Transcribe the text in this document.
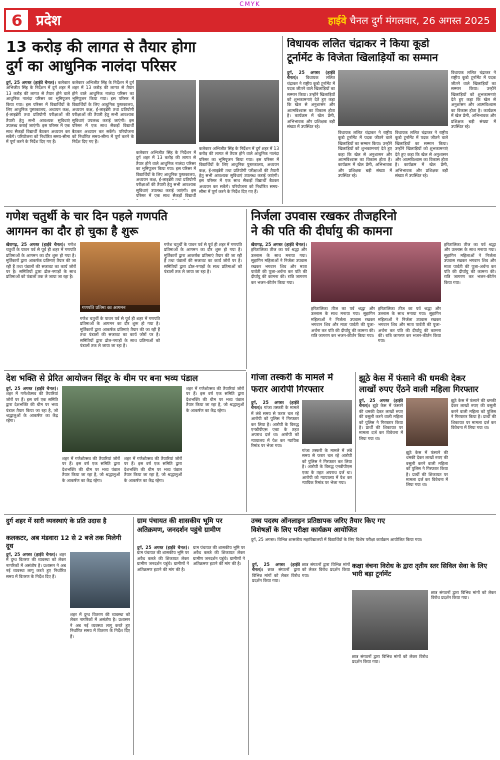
CMYK
6 प्रदेश	हाईवे चैनल दुर्ग मंगलवार, 26 अगस्त 2025
13 करोड़ की लागत से तैयार होगा
दुर्ग का आधुनिक नालंदा परिसर
दुर्ग, 25 अगस्त (हाईवे चैनल)। कलेक्टर अभिजीत सिंह के निर्देशन में दुर्ग शहर में 13 करोड़ की लागत से तैयार होने वाले आधुनिक नालंदा परिसर का भूमिपूजन किया गया। इस परिसर में विद्यार्थियों के लिए आधुनिक पुस्तकालय, अध्ययन कक्ष, ई-लाइब्रेरी तथा प्रतियोगी परीक्षाओं की तैयारी हेतु सभी आवश्यक सुविधाएं उपलब्ध कराई जाएंगी। इस परिसर में एक साथ सैकड़ों विद्यार्थी बैठकर अध्ययन कर सकेंगे। परियोजना को निर्धारित समय-सीमा में पूर्ण करने के निर्देश दिए गए हैं।
कलेक्टर अभिजीत सिंह के निर्देशन में दुर्ग शहर में 13 करोड़ की लागत से तैयार होने वाले आधुनिक नालंदा परिसर का भूमिपूजन किया गया। इस परिसर में विद्यार्थियों के लिए आधुनिक पुस्तकालय, अध्ययन कक्ष, ई-लाइब्रेरी तथा प्रतियोगी परीक्षाओं की तैयारी हेतु सभी आवश्यक सुविधाएं उपलब्ध कराई जाएंगी। इस परिसर में एक साथ सैकड़ों विद्यार्थी बैठकर अध्ययन कर सकेंगे। परियोजना को निर्धारित समय-सीमा में पूर्ण करने के निर्देश दिए गए हैं।
कलेक्टर अभिजीत सिंह के निर्देशन में दुर्ग शहर में 13 करोड़ की लागत से तैयार होने वाले आधुनिक नालंदा परिसर का भूमिपूजन किया गया। इस परिसर में विद्यार्थियों के लिए आधुनिक पुस्तकालय, अध्ययन कक्ष, ई-लाइब्रेरी तथा प्रतियोगी परीक्षाओं की तैयारी हेतु सभी आवश्यक सुविधाएं उपलब्ध कराई जाएंगी। इस परिसर में एक साथ सैकड़ों विद्यार्थी
कलेक्टर अभिजीत सिंह के निर्देशन में दुर्ग शहर में 13 करोड़ की लागत से तैयार होने वाले आधुनिक नालंदा परिसर का भूमिपूजन किया गया। इस परिसर में विद्यार्थियों के लिए आधुनिक पुस्तकालय, अध्ययन कक्ष, ई-लाइब्रेरी तथा प्रतियोगी परीक्षाओं की तैयारी हेतु सभी आवश्यक सुविधाएं उपलब्ध कराई जाएंगी। इस परिसर में एक साथ सैकड़ों विद्यार्थी बैठकर अध्ययन कर सकेंगे। परियोजना को निर्धारित समय-सीमा में पूर्ण करने के निर्देश दिए गए हैं।
विधायक ललित चंद्राकर ने किया कूडो
टूर्नामेंट के विजेता खिलाड़ियों का सम्मान
दुर्ग, 25 अगस्त (हाईवे चैनल)। विधायक ललित चंद्राकर ने राष्ट्रीय कूडो टूर्नामेंट में पदक जीतने वाले खिलाड़ियों का सम्मान किया। उन्होंने खिलाड़ियों को शुभकामनाएं देते हुए कहा कि खेल से अनुशासन और आत्मविश्वास का विकास होता है। कार्यक्रम में खेल प्रेमी, अभिभावक और प्रशिक्षक बड़ी संख्या में उपस्थित रहे।
विधायक ललित चंद्राकर ने राष्ट्रीय कूडो टूर्नामेंट में पदक जीतने वाले खिलाड़ियों का सम्मान किया। उन्होंने खिलाड़ियों को शुभकामनाएं देते हुए कहा कि खेल से अनुशासन और आत्मविश्वास का विकास होता है। कार्यक्रम में खेल प्रेमी, अभिभावक और प्रशिक्षक बड़ी संख्या में उपस्थित रहे।
विधायक ललित चंद्राकर ने राष्ट्रीय कूडो टूर्नामेंट में पदक जीतने वाले खिलाड़ियों का सम्मान किया। उन्होंने खिलाड़ियों को शुभकामनाएं देते हुए कहा कि खेल से अनुशासन और आत्मविश्वास का विकास होता है। कार्यक्रम में खेल प्रेमी, अभिभावक और प्रशिक्षक बड़ी संख्या में उपस्थित रहे।
विधायक ललित चंद्राकर ने राष्ट्रीय कूडो टूर्नामेंट में पदक जीतने वाले खिलाड़ियों का सम्मान किया। उन्होंने खिलाड़ियों को शुभकामनाएं देते हुए कहा कि खेल से अनुशासन और आत्मविश्वास का विकास होता है। कार्यक्रम में खेल प्रेमी, अभिभावक और प्रशिक्षक बड़ी संख्या में उपस्थित रहे।
गणेश चतुर्थी के चार दिन पहले गणपति
आगमन का दौर हो चुका है शुरू
खैरागढ़, 25 अगस्त (हाईवे चैनल)। गणेश चतुर्थी के पावन पर्व से पूर्व ही शहर में गणपति प्रतिमाओं के आगमन का दौर शुरू हो गया है। मूर्तिकारों द्वारा आकर्षक प्रतिमाएं तैयार की जा रही हैं तथा पंडालों की सजावट का कार्य जोरों पर है। समितियों द्वारा ढोल-नगाड़ों के साथ प्रतिमाओं को पंडालों तक ले जाया जा रहा है।
गणपति प्रतिमा का आगमन
गणेश चतुर्थी के पावन पर्व से पूर्व ही शहर में गणपति प्रतिमाओं के आगमन का दौर शुरू हो गया है। मूर्तिकारों द्वारा आकर्षक प्रतिमाएं तैयार की जा रही हैं तथा पंडालों की सजावट का कार्य जोरों पर है। समितियों द्वारा ढोल-नगाड़ों के साथ प्रतिमाओं को पंडालों तक ले जाया जा रहा है।
गणेश चतुर्थी के पावन पर्व से पूर्व ही शहर में गणपति प्रतिमाओं के आगमन का दौर शुरू हो गया है। मूर्तिकारों द्वारा आकर्षक प्रतिमाएं तैयार की जा रही हैं तथा पंडालों की सजावट का कार्य जोरों पर है। समितियों द्वारा ढोल-नगाड़ों के साथ प्रतिमाओं को पंडालों तक ले जाया जा रहा है।
निर्जला उपवास रखकर तीजहरिनो
ने की पति की दीर्घायु की कामना
खैरागढ़, 25 अगस्त (हाईवे चैनल)। हरितालिका तीज का पर्व श्रद्धा और उल्लास के साथ मनाया गया। सुहागिन महिलाओं ने निर्जला उपवास रखकर भगवान शिव और माता पार्वती की पूजा-अर्चना कर पति की दीर्घायु की कामना की। रात्रि जागरण कर भजन-कीर्तन किया गया।
हरितालिका तीज का पर्व श्रद्धा और उल्लास के साथ मनाया गया। सुहागिन महिलाओं ने निर्जला उपवास रखकर भगवान शिव और माता पार्वती की पूजा-अर्चना कर पति की दीर्घायु की कामना की। रात्रि जागरण कर भजन-कीर्तन किया गया।
हरितालिका तीज का पर्व श्रद्धा और उल्लास के साथ मनाया गया। सुहागिन महिलाओं ने निर्जला उपवास रखकर भगवान शिव और माता पार्वती की पूजा-अर्चना कर पति की दीर्घायु की कामना की। रात्रि जागरण कर भजन-कीर्तन किया गया।
हरितालिका तीज का पर्व श्रद्धा और उल्लास के साथ मनाया गया। सुहागिन महिलाओं ने निर्जला उपवास रखकर भगवान शिव और माता पार्वती की पूजा-अर्चना कर पति की दीर्घायु की कामना की। रात्रि जागरण कर भजन-कीर्तन किया गया।
देश भक्ति से प्रेरित आयोजन सिंदूर के थीम पर बना भव्य पंडाल
दुर्ग, 25 अगस्त (हाईवे चैनल)। शहर में गणेशोत्सव की तैयारियां जोरों पर हैं। इस वर्ष एक समिति द्वारा देशभक्ति की थीम पर भव्य पंडाल तैयार किया जा रहा है, जो श्रद्धालुओं के आकर्षण का केंद्र रहेगा।
शहर में गणेशोत्सव की तैयारियां जोरों पर हैं। इस वर्ष एक समिति द्वारा देशभक्ति की थीम पर भव्य पंडाल तैयार किया जा रहा है, जो श्रद्धालुओं के आकर्षण का केंद्र रहेगा।
शहर में गणेशोत्सव की तैयारियां जोरों पर हैं। इस वर्ष एक समिति द्वारा देशभक्ति की थीम पर भव्य पंडाल तैयार किया जा रहा है, जो श्रद्धालुओं के आकर्षण का केंद्र रहेगा।
शहर में गणेशोत्सव की तैयारियां जोरों पर हैं। इस वर्ष एक समिति द्वारा देशभक्ति की थीम पर भव्य पंडाल तैयार किया जा रहा है, जो श्रद्धालुओं के आकर्षण का केंद्र रहेगा।
गांजा तस्करी के मामले में
फरार आरोपी गिरफ्तार
दुर्ग, 25 अगस्त (हाईवे चैनल)। गांजा तस्करी के मामले में लंबे समय से फरार चल रहे आरोपी को पुलिस ने गिरफ्तार कर लिया है। आरोपी के विरुद्ध एनडीपीएस एक्ट के तहत अपराध दर्ज था। आरोपी को न्यायालय में पेश कर न्यायिक रिमांड पर भेजा गया।
गांजा तस्करी के मामले में लंबे समय से फरार चल रहे आरोपी को पुलिस ने गिरफ्तार कर लिया है। आरोपी के विरुद्ध एनडीपीएस एक्ट के तहत अपराध दर्ज था। आरोपी को न्यायालय में पेश कर न्यायिक रिमांड पर भेजा गया।
झूठे केस में फंसाने की धमकी देकर
लाखों रुपए ऐंठने वाली महिला गिरफ्तार
दुर्ग, 25 अगस्त (हाईवे चैनल)। झूठे केस में फंसाने की धमकी देकर लाखों रुपए की वसूली करने वाली महिला को पुलिस ने गिरफ्तार किया है। प्रार्थी की शिकायत पर मामला दर्ज कर विवेचना में लिया गया था।
झूठे केस में फंसाने की धमकी देकर लाखों रुपए की वसूली करने वाली महिला को पुलिस ने गिरफ्तार किया है। प्रार्थी की शिकायत पर मामला दर्ज कर विवेचना में लिया गया था।
झूठे केस में फंसाने की धमकी देकर लाखों रुपए की वसूली करने वाली महिला को पुलिस ने गिरफ्तार किया है। प्रार्थी की शिकायत पर मामला दर्ज कर विवेचना में लिया गया था।
उच्च पदस्थ ऑनलाइन प्रतिष्ठापक जरिए तैयार किए गए
विशेषज्ञों के लिए परीक्षा कार्यक्रम आयोजित
दुर्ग, 25 अगस्त। विभिन्न शासकीय महाविद्यालयों में विद्यार्थियों के लिए विशेष परीक्षा कार्यक्रम आयोजित किया गया।
दुर्ग शहर में सारी व्यवस्थाएं के प्रति उदास है
कलकटर, अब मंडवारा 12 से 2 बजे तक मिलेगी दूध
दुर्ग, 25 अगस्त (हाईवे चैनल)। शहर में दुग्ध वितरण की व्यवस्था को लेकर नागरिकों में असंतोष है। प्रशासन ने अब नई व्यवस्था लागू करते हुए निर्धारित समय में वितरण के निर्देश दिए हैं।
शहर में दुग्ध वितरण की व्यवस्था को लेकर नागरिकों में असंतोष है। प्रशासन ने अब नई व्यवस्था लागू करते हुए निर्धारित समय में वितरण के निर्देश दिए हैं।
ग्राम पंचायत की शासकीय भूमि पर अतिक्रमण, जनदर्शन पहुंचे ग्रामीण
दुर्ग, 25 अगस्त (हाईवे चैनल)। ग्राम पंचायत की शासकीय भूमि पर अवैध कब्जे की शिकायत लेकर ग्रामीण जनदर्शन पहुंचे। ग्रामीणों ने अतिक्रमण हटाने की मांग की है।
ग्राम पंचायत की शासकीय भूमि पर अवैध कब्जे की शिकायत लेकर ग्रामीण जनदर्शन पहुंचे। ग्रामीणों ने अतिक्रमण हटाने की मांग की है।	कक्षा वंचना विरोध के द्वारा तृतीय स्तर सिविल सेवा के लिए भारी बड़ा टूर्नामेंट
दुर्ग, 25 अगस्त (हाईवे चैनल)। छात्र संगठनों द्वारा विभिन्न मांगों को लेकर विरोध प्रदर्शन किया गया।
छात्र संगठनों द्वारा विभिन्न मांगों को लेकर विरोध प्रदर्शन किया गया।
छात्र संगठनों द्वारा विभिन्न मांगों को लेकर विरोध प्रदर्शन किया गया।
छात्र संगठनों द्वारा विभिन्न मांगों को लेकर विरोध प्रदर्शन किया गया।
